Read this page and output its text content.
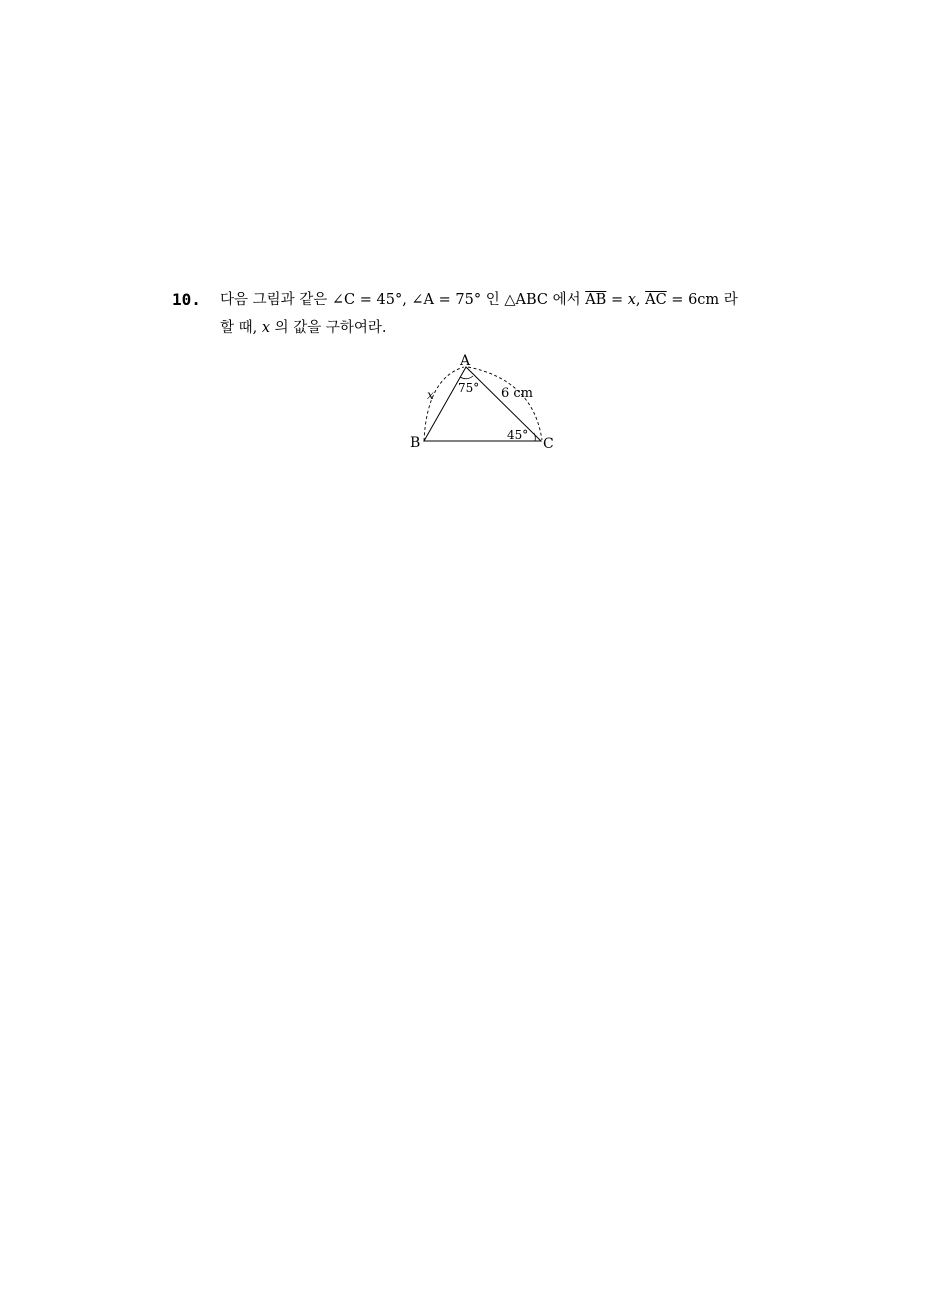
10. 다음 그림과 같은 ∠C = 45°, ∠A = 75° 인 △ABC 에서 $\overline{AB} = x$, $\overline{AC} = 6cm$ 라
할 때, x 의 값을 구하여라.
A
B	C
75°
45°
x	6 cm
